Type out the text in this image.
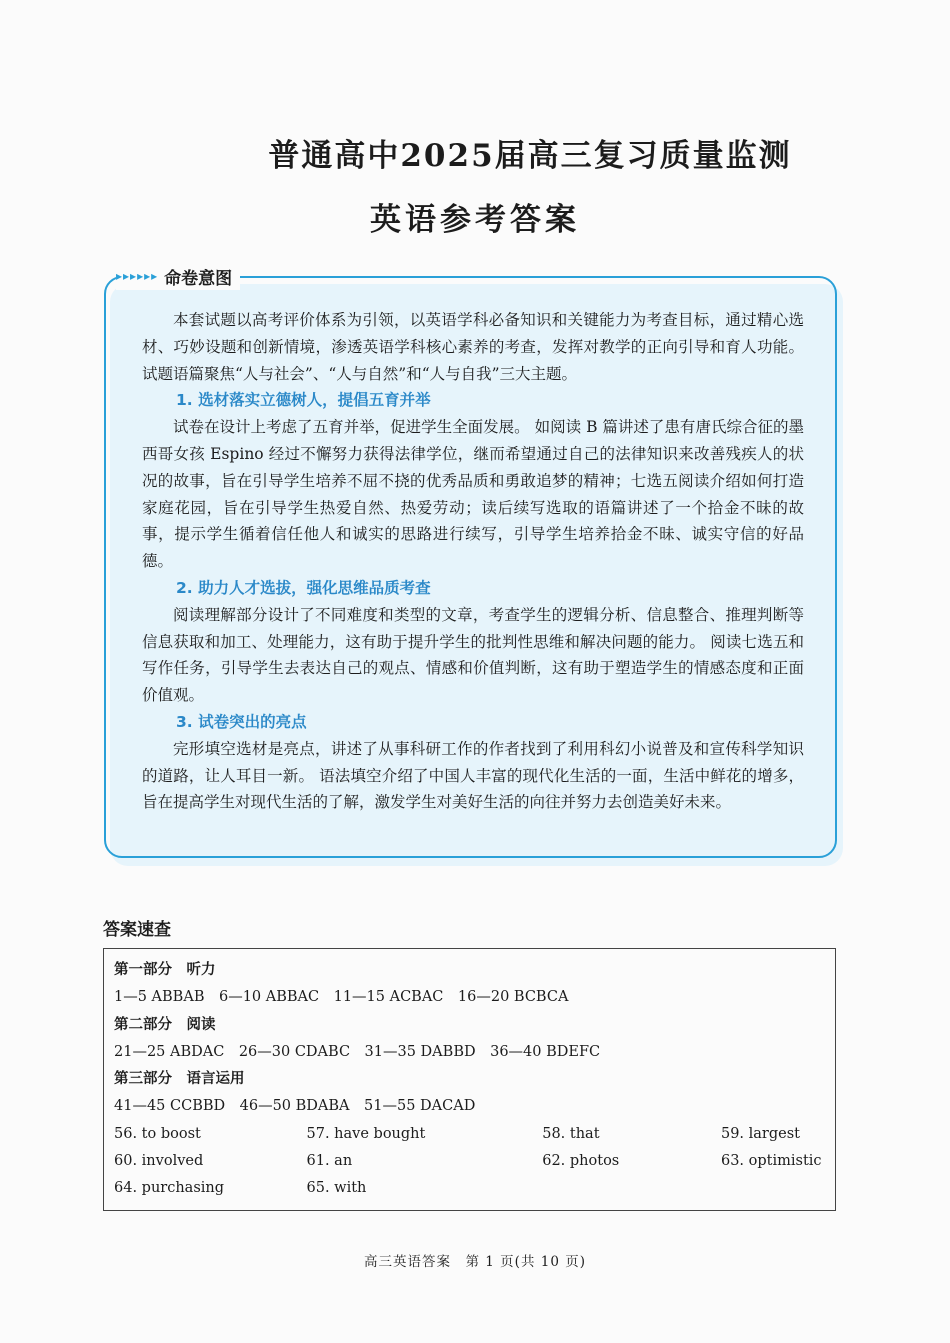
普通高中2025届高三复习质量监测
英语参考答案
▸▸▸▸▸▸ 命卷意图

本套试题以高考评价体系为引领，以英语学科必备知识和关键能力为考查目标，通过精心选材、巧妙设题和创新情境，渗透英语学科核心素养的考查，发挥对教学的正向引导和育人功能。 试题语篇聚焦“人与社会”、“人与自然”和“人与自我”三大主题。

1. 选材落实立德树人，提倡五育并举

试卷在设计上考虑了五育并举，促进学生全面发展。 如阅读 B 篇讲述了患有唐氏综合征的墨西哥女孩 Espino 经过不懈努力获得法律学位，继而希望通过自己的法律知识来改善残疾人的状况的故事，旨在引导学生培养不屈不挠的优秀品质和勇敢追梦的精神；七选五阅读介绍如何打造家庭花园，旨在引导学生热爱自然、热爱劳动；读后续写选取的语篇讲述了一个拾金不昧的故事，提示学生循着信任他人和诚实的思路进行续写，引导学生培养拾金不昧、诚实守信的好品德。

2. 助力人才选拔，强化思维品质考查

阅读理解部分设计了不同难度和类型的文章，考查学生的逻辑分析、信息整合、推理判断等信息获取和加工、处理能力，这有助于提升学生的批判性思维和解决问题的能力。 阅读七选五和写作任务，引导学生去表达自己的观点、情感和价值判断，这有助于塑造学生的情感态度和正面价值观。

3. 试卷突出的亮点

完形填空选材是亮点，讲述了从事科研工作的作者找到了利用科幻小说普及和宣传科学知识的道路，让人耳目一新。 语法填空介绍了中国人丰富的现代化生活的一面，生活中鲜花的增多，旨在提高学生对现代生活的了解，激发学生对美好生活的向往并努力去创造美好未来。

答案速查
第一部分　听力
1—5 ABBAB　6—10 ABBAC　11—15 ACBAC　16—20 BCBCA
第二部分　阅读
21—25 ABDAC　26—30 CDABC　31—35 DABBD　36—40 BDEFC
第三部分　语言运用
41—45 CCBBD　46—50 BDABA　51—55 DACAD
56. to boost	57. have bought	58. that	59. largest
60. involved	61. an	62. photos	63. optimistic
64. purchasing	65. with
高三英语答案　第 1 页(共 10 页)
